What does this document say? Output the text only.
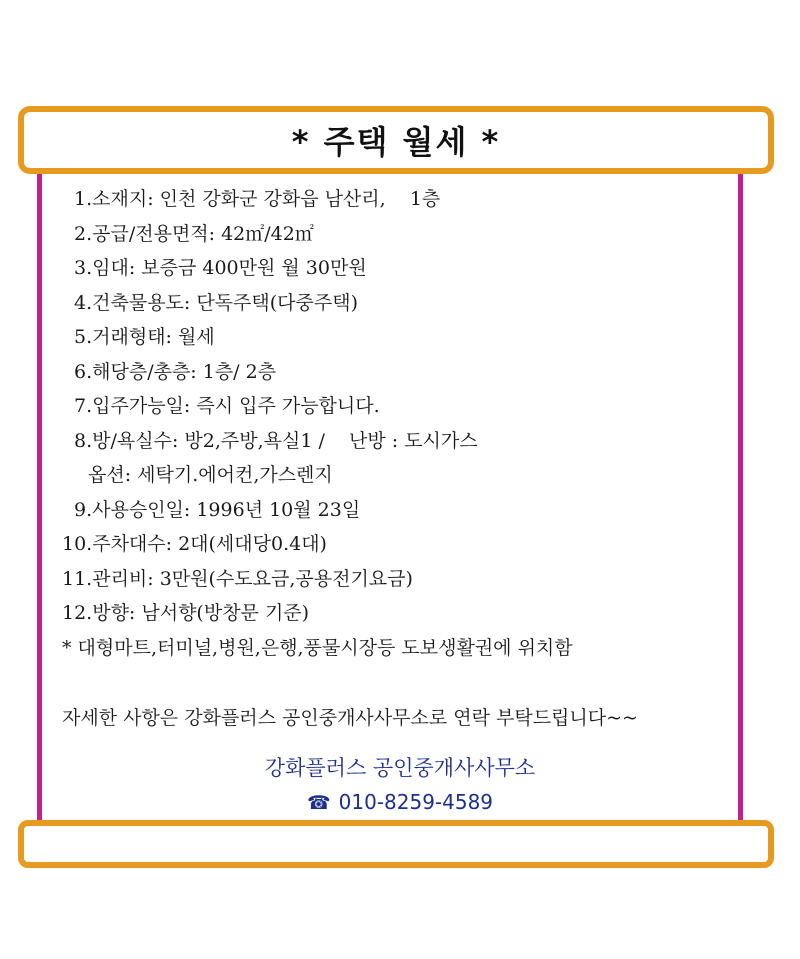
* 주택 월세 *
1.소재지: 인천 강화군 강화읍 남산리,    1층
2.공급/전용면적: 42㎡/42㎡
3.임대: 보증금 400만원 월 30만원
4.건축물용도: 단독주택(다중주택)
5.거래형태: 월세
6.해당층/총층: 1층/ 2층
7.입주가능일: 즉시 입주 가능합니다.
8.방/욕실수: 방2,주방,욕실1 /    난방 : 도시가스
옵션: 세탁기.에어컨,가스렌지
9.사용승인일: 1996년 10월 23일
10.주차대수: 2대(세대당0.4대)
11.관리비: 3만원(수도요금,공용전기요금)
12.방향: 남서향(방창문 기준)
* 대형마트,터미널,병원,은행,풍물시장등 도보생활권에 위치함
자세한 사항은 강화플러스 공인중개사사무소로 연락 부탁드립니다~~
강화플러스 공인중개사사무소
☎ 010-8259-4589
